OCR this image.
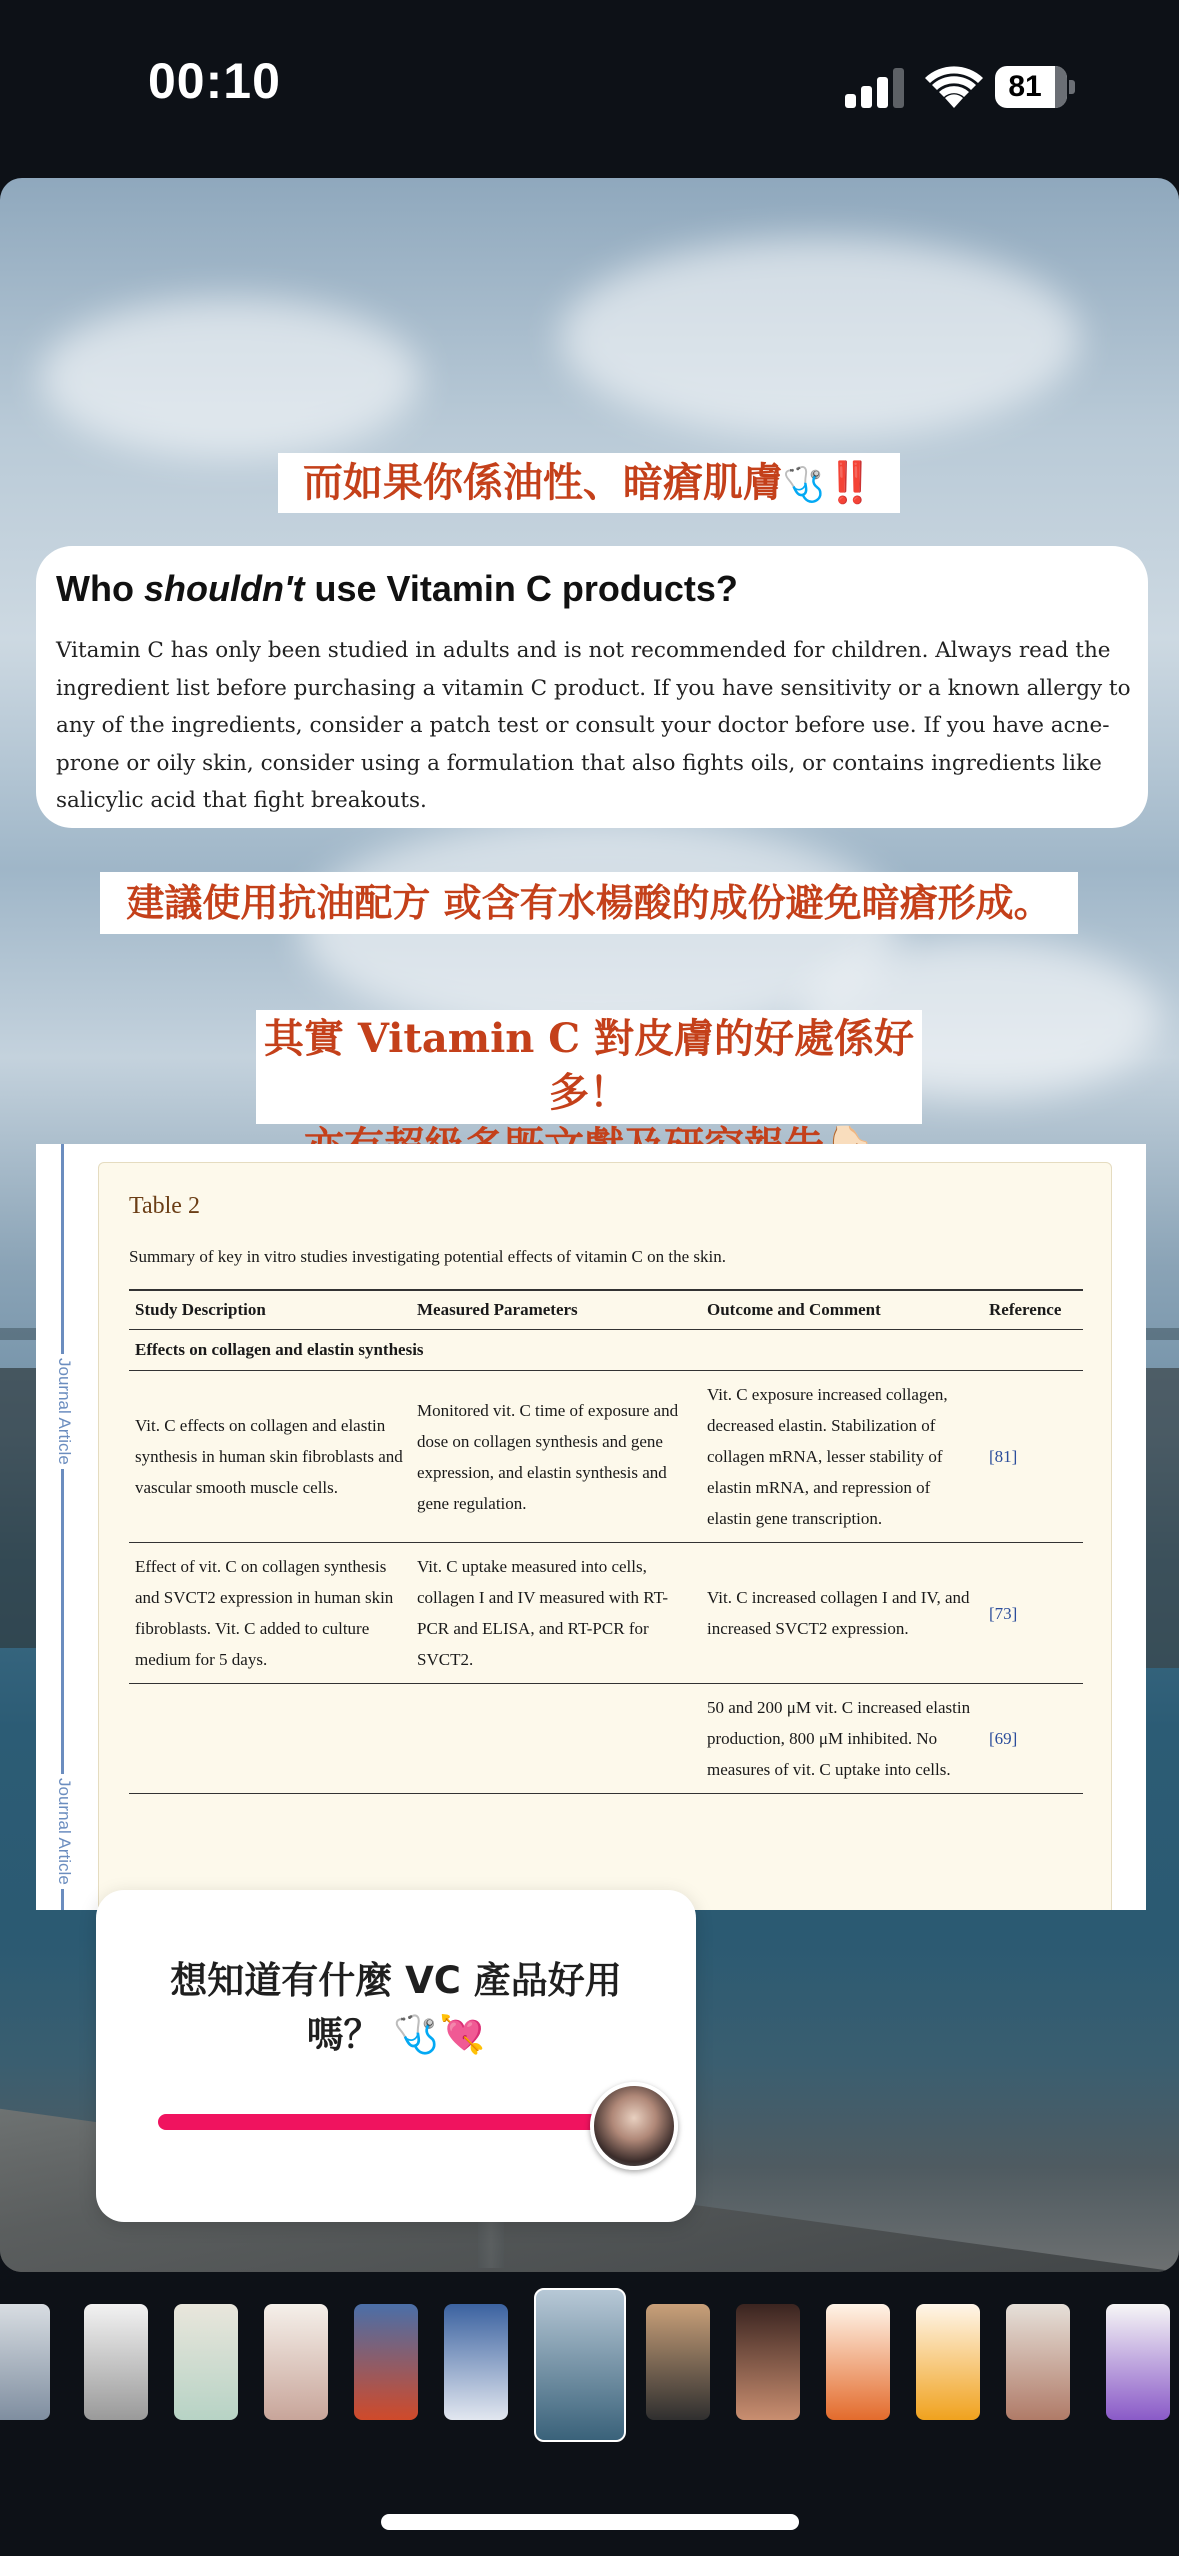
00:10	81
而如果你係油性、暗瘡肌膚🩺‼️
Who shouldn't use Vitamin C products?
Vitamin C has only been studied in adults and is not recommended for children. Always read the ingredient list before purchasing a vitamin C product. If you have sensitivity or a known allergy to any of the ingredients, consider a patch test or consult your doctor before use. If you have acne-prone or oily skin, consider using a formulation that also fights oils, or contains ingredients like salicylic acid that fight breakouts.
建議使用抗油配方 或含有水楊酸的成份避免暗瘡形成。
其實 Vitamin C 對皮膚的好處係好多！
Journal Article
Journal Article
Table 2
Summary of key in vitro studies investigating potential effects of vitamin C on the skin.
Study Description	Measured Parameters	Outcome and Comment	Reference
Effects on collagen and elastin synthesis			
Vit. C effects on collagen and elastin synthesis in human skin fibroblasts and vascular smooth muscle cells.	Monitored vit. C time of exposure and dose on collagen synthesis and gene expression, and elastin synthesis and gene regulation.	Vit. C exposure increased collagen, decreased elastin. Stabilization of collagen mRNA, lesser stability of elastin mRNA, and repression of elastin gene transcription.	[81]
Effect of vit. C on collagen synthesis and SVCT2 expression in human skin fibroblasts. Vit. C added to culture medium for 5 days.	Vit. C uptake measured into cells, collagen I and IV measured with RT-PCR and ELISA, and RT-PCR for SVCT2.	Vit. C increased collagen I and IV, and increased SVCT2 expression.	[73]
		50 and 200 μM vit. C increased elastin production, 800 μM inhibited. No measures of vit. C uptake into cells.	[69]
想知道有什麼 VC 產品好用嗎？ 🩺💘
